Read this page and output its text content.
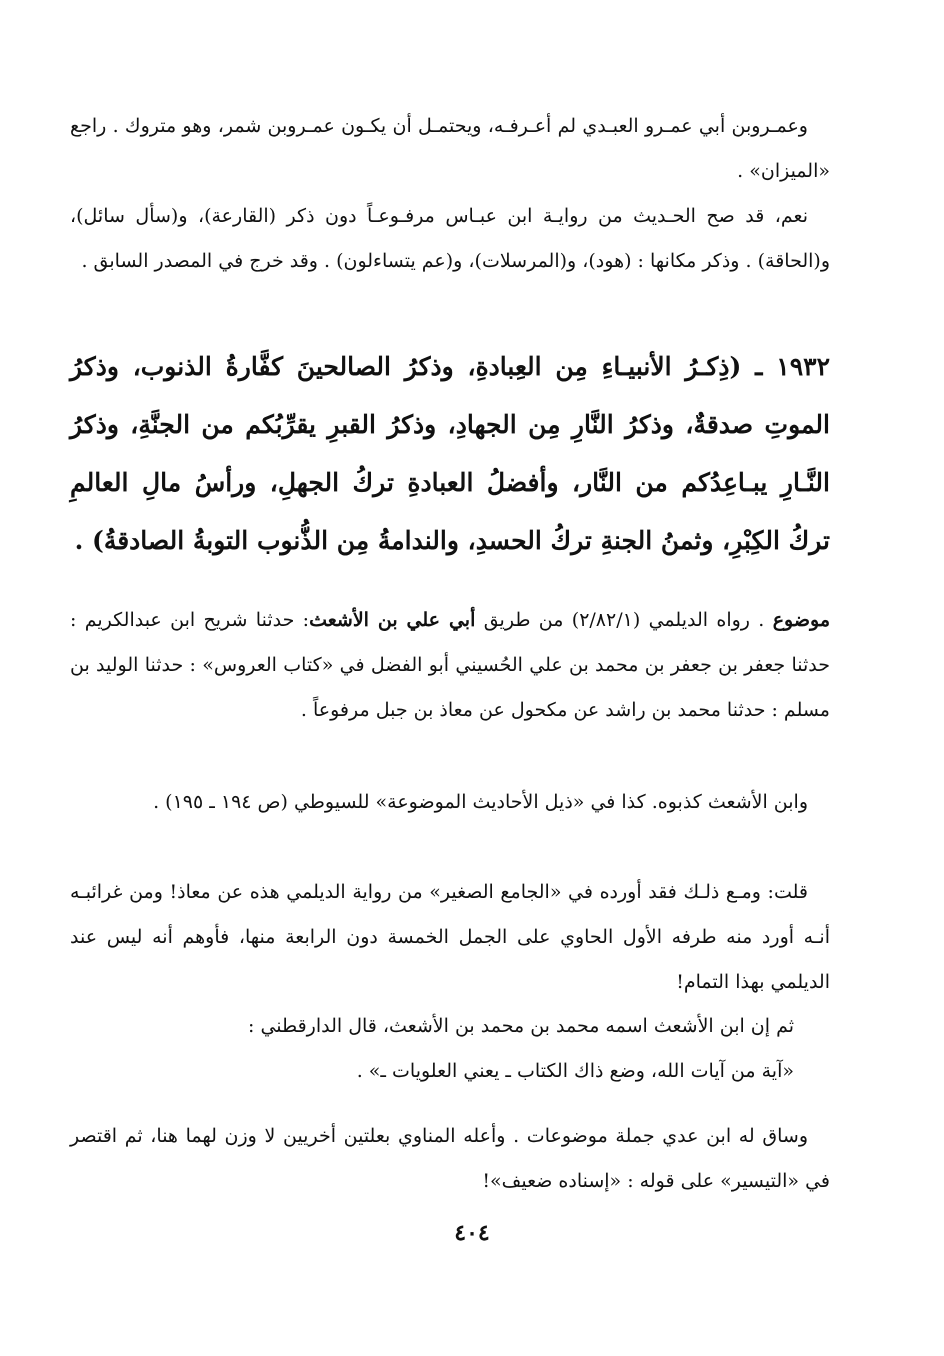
وعمـروبن أبي عمـرو العبـدي لم أعـرفـه، ويحتمـل أن يكـون عمـروبن شمر، وهو متروك . راجع «الميزان» .

نعم، قد صح الحـديث من روايـة ابن عبـاس مرفـوعـاً دون ذكر (القارعة)، و(سأل سائل)، و(الحاقة) . وذكر مكانها : (هود)، و(المرسلات)، و(عم يتساءلون) . وقد خرج في المصدر السابق .

١٩٣٢ ـ (ذِكـرُ الأنبيـاءِ مِن العِبادةِ، وذكرُ الصالحينَ كفَّارةُ الذنوب، وذكرُ الموتِ صدقةٌ، وذكرُ النَّارِ مِن الجهادِ، وذكرُ القبرِ يقرِّبُكم من الجنَّةِ، وذكرُ النَّـارِ يبـاعِدُكم من النَّار، وأفضلُ العبادةِ تركُ الجهلِ، ورأسُ مالِ العالمِ تركُ الكِبْرِ، وثمنُ الجنةِ تركُ الحسدِ، والندامةُ مِن الذُّنوب التوبةُ الصادقةُ) .

موضوع . رواه الديلمي (٢/٨٢/١) من طريق أبي علي بن الأشعث: حدثنا شريح ابن عبدالكريم : حدثنا جعفر بن جعفر بن محمد بن علي الحُسيني أبو الفضل في «كتاب العروس» : حدثنا الوليد بن مسلم : حدثنا محمد بن راشد عن مكحول عن معاذ بن جبل مرفوعاً .

وابن الأشعث كذبوه. كذا في «ذيل الأحاديث الموضوعة» للسيوطي (ص ١٩٤ ـ ١٩٥) .

قلت: ومـع ذلـك فقد أورده في «الجامع الصغير» من رواية الديلمي هذه عن معاذ! ومن غرائبـه أنـه أورد منه طرفه الأول الحاوي على الجمل الخمسة دون الرابعة منها، فأوهم أنه ليس عند الديلمي بهذا التمام!

ثم إن ابن الأشعث اسمه محمد بن محمد بن الأشعث، قال الدارقطني :

«آية من آيات الله، وضع ذاك الكتاب ـ يعني العلويات ـ» .

وساق له ابن عدي جملة موضوعات . وأعله المناوي بعلتين أخريين لا وزن لهما هنا، ثم اقتصر في «التيسير» على قوله : «إسناده ضعيف»!

٤٠٤
